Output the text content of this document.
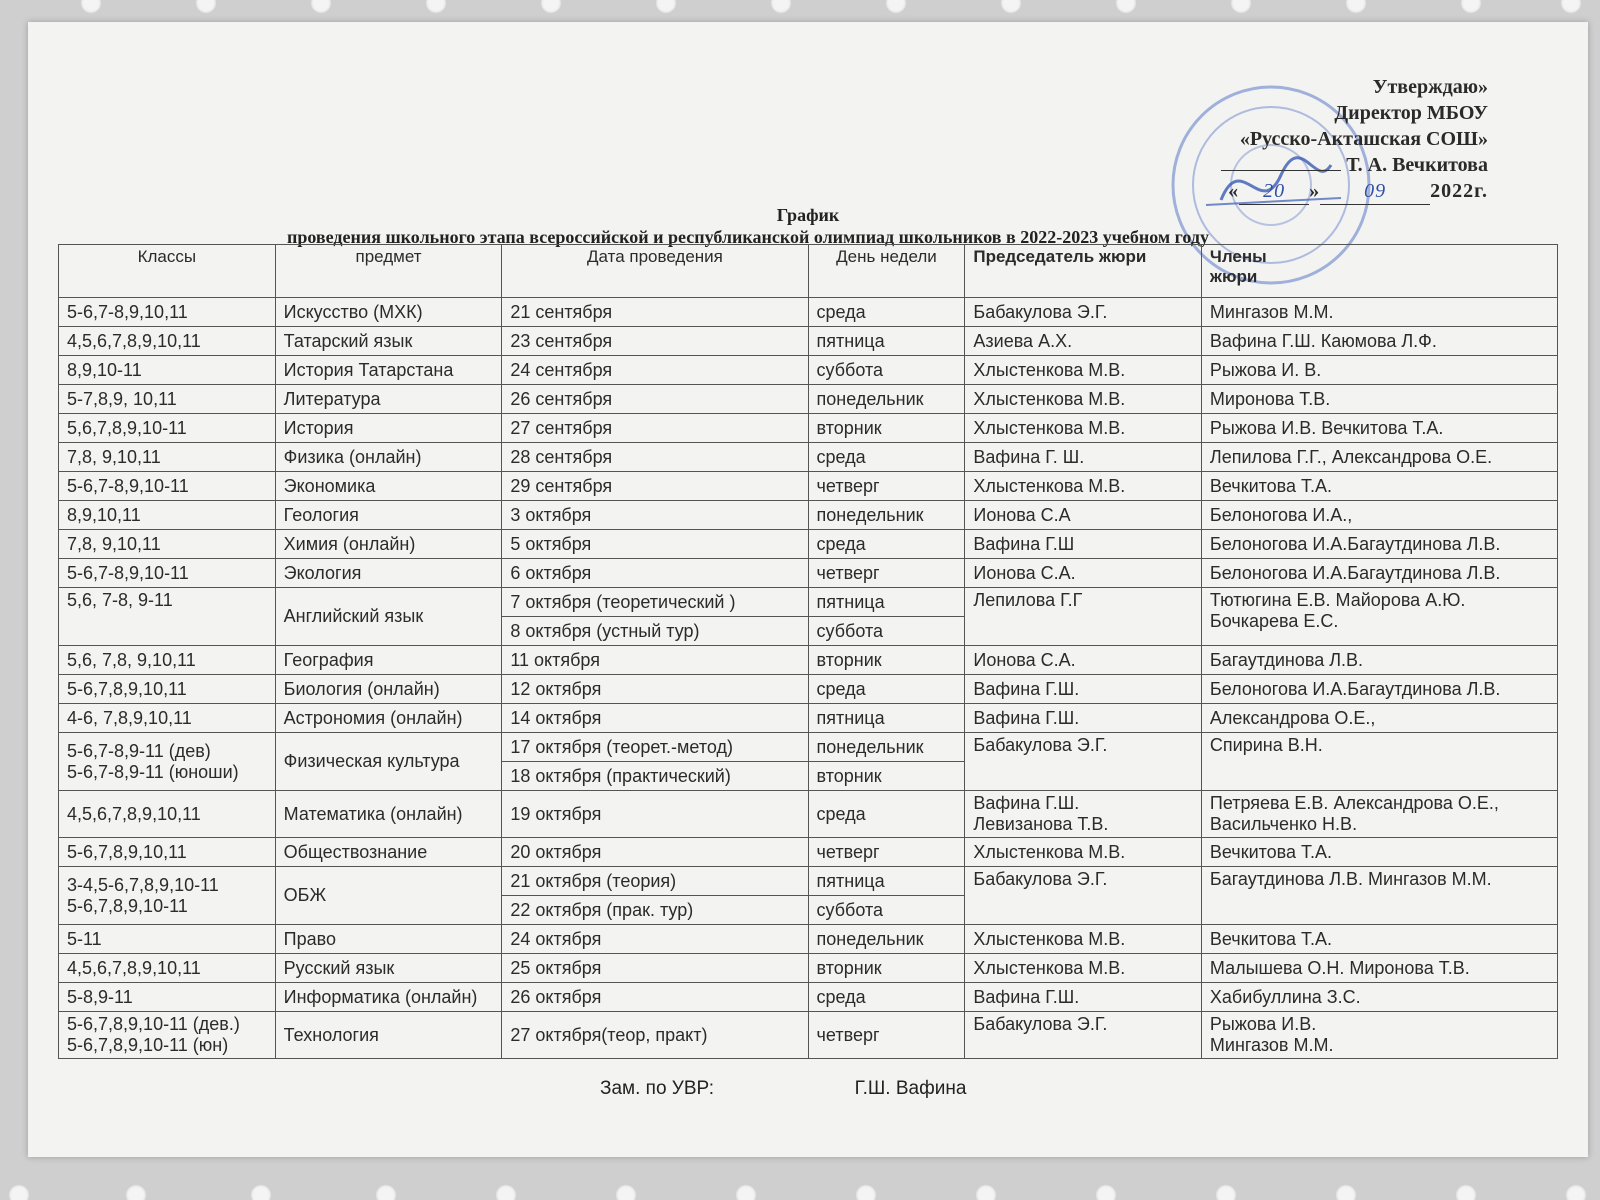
Утверждаю»
Директор МБОУ
«Русско-Акташская СОШ»
Т. А. Вечкитова
« 20 » 09 2022г.
График
проведения школьного этапа всероссийской и республиканской олимпиад школьников в 2022-2023 учебном году
Классы	предмет	Дата проведения	День недели	Председатель жюри	Члены
жюри
5-6,7-8,9,10,11	Искусство (МХК)	21 сентября	среда	Бабакулова Э.Г.	Мингазов М.М.
4,5,6,7,8,9,10,11	Татарский язык	23 сентября	пятница	Азиева А.Х.	Вафина Г.Ш. Каюмова Л.Ф.
8,9,10-11	История Татарстана	24 сентября	суббота	Хлыстенкова М.В.	Рыжова И. В.
5-7,8,9, 10,11	Литература	26 сентября	понедельник	Хлыстенкова М.В.	Миронова Т.В.
5,6,7,8,9,10-11	История	27 сентября	вторник	Хлыстенкова М.В.	Рыжова И.В. Вечкитова Т.А.
7,8, 9,10,11	Физика (онлайн)	28 сентября	среда	Вафина Г. Ш.	Лепилова Г.Г., Александрова О.Е.
5-6,7-8,9,10-11	Экономика	29 сентября	четверг	Хлыстенкова М.В.	Вечкитова Т.А.
8,9,10,11	Геология	3 октября	понедельник	Ионова С.А	Белоногова И.А.,
7,8, 9,10,11	Химия (онлайн)	5 октября	среда	Вафина Г.Ш	Белоногова И.А.Багаутдинова Л.В.
5-6,7-8,9,10-11	Экология	6 октября	четверг	Ионова С.А.	Белоногова И.А.Багаутдинова Л.В.
5,6, 7-8, 9-11	Английский язык	7 октября (теоретический )	пятница	Лепилова Г.Г	Тютюгина Е.В. Майорова А.Ю.
Бочкарева Е.С.
		8 октября (устный тур)	суббота		
5,6, 7,8, 9,10,11	География	11 октября	вторник	Ионова С.А.	Багаутдинова Л.В.
5-6,7,8,9,10,11	Биология (онлайн)	12 октября	среда	Вафина Г.Ш.	Белоногова И.А.Багаутдинова Л.В.
4-6, 7,8,9,10,11	Астрономия (онлайн)	14 октября	пятница	Вафина Г.Ш.	Александрова О.Е.,
5-6,7-8,9-11 (дев)
5-6,7-8,9-11 (юноши)	Физическая культура	17 октября (теорет.-метод)	понедельник	Бабакулова Э.Г.	Спирина В.Н.
		18 октября (практический)	вторник		
4,5,6,7,8,9,10,11	Математика (онлайн)	19 октября	среда	Вафина Г.Ш.
Левизанова Т.В.	Петряева Е.В. Александрова О.Е.,
Васильченко Н.В.
5-6,7,8,9,10,11	Обществознание	20 октября	четверг	Хлыстенкова М.В.	Вечкитова Т.А.
3-4,5-6,7,8,9,10-11
5-6,7,8,9,10-11	ОБЖ	21 октября (теория)	пятница	Бабакулова Э.Г.	Багаутдинова Л.В. Мингазов М.М.
		22 октября (прак. тур)	суббота		
5-11	Право	24 октября	понедельник	Хлыстенкова М.В.	Вечкитова Т.А.
4,5,6,7,8,9,10,11	Русский язык	25 октября	вторник	Хлыстенкова М.В.	Малышева О.Н. Миронова Т.В.
5-8,9-11	Информатика (онлайн)	26 октября	среда	Вафина Г.Ш.	Хабибуллина З.С.
5-6,7,8,9,10-11 (дев.)
5-6,7,8,9,10-11 (юн)	Технология	27 октября(теор, практ)	четверг	Бабакулова Э.Г.	Рыжова И.В.
Мингазов М.М.
Зам. по УВР:	Г.Ш. Вафина
